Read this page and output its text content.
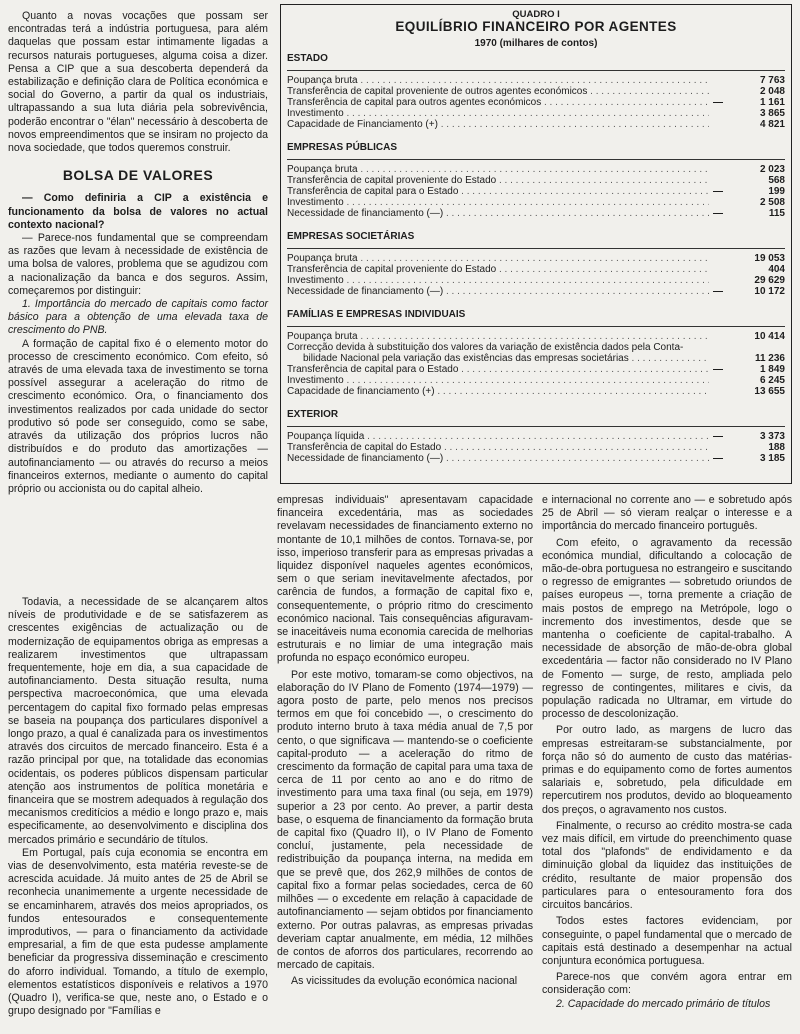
Quanto a novas vocações que possam ser encontradas terá a indústria portuguesa, para além daquelas que possam estar intimamente ligadas a recursos naturais portugueses, alguma coisa a dizer. Pensa a CIP que a sua descoberta dependerá da estabilização e definição clara de Política económica e social do Governo, a partir da qual os industriais, ultrapassando a sua luta diária pela sobrevivência, poderão encontrar o "élan" necessário à descoberta de novos empreendimentos que se insiram no projecto da nova sociedade, que todos queremos construir.

BOLSA DE VALORES

— Como definiria a CIP a existência e funcionamento da bolsa de valores no actual contexto nacional?

— Parece-nos fundamental que se compreendam as razões que levam à necessidade de existência de uma bolsa de valores, problema que se agudizou com a nacionalização da banca e dos seguros. Assim, começaremos por distinguir:

1. Importância do mercado de capitais como factor básico para a obtenção de uma elevada taxa de crescimento do PNB.

A formação de capital fixo é o elemento motor do processo de crescimento económico. Com efeito, só através de uma elevada taxa de investimento se torna possível assegurar a aceleração do ritmo de crescimento económico. Ora, o financiamento dos investimentos realizados por cada unidade do sector produtivo só pode ser conseguido, como se sabe, através da utilização dos próprios lucros não distribuídos e do produto das amortizações — autofinanciamento — ou através do recurso a meios financeiros externos, mediante o aumento do capital próprio ou accionista ou do capital alheio.

Todavia, a necessidade de se alcançarem altos níveis de produtividade e de se satisfazerem as crescentes exigências de actualização ou de modernização de equipamentos obriga as empresas a realizarem investimentos que ultrapassam frequentemente, hoje em dia, a sua capacidade de autofinanciamento. Desta situação resulta, numa perspectiva macroeconómica, que uma elevada percentagem do capital fixo formado pelas empresas se baseia na poupança dos particulares disponível a longo prazo, a qual é canalizada para os investimentos através dos circuitos de mercado financeiro. Esta é a razão principal por que, na totalidade das economias ocidentais, os poderes públicos dispensam particular atenção aos instrumentos de política monetária e financeira que se mostrem adequados à regulação dos mecanismos creditícios a médio e longo prazo e, mais especificamente, ao desenvolvimento e disciplina dos mercados primário e secundário de títulos.

Em Portugal, país cuja economia se encontra em vias de desenvolvimento, esta matéria reveste-se de acrescida acuidade. Já muito antes de 25 de Abril se reconhecia unanimemente a urgente necessidade de se encaminharem, através dos meios apropriados, os fundos entesourados e consequentemente improdutivos, — para o financiamento da actividade empresarial, a fim de que esta pudesse amplamente beneficiar da progressiva disseminação e crescimento do aforro individual. Tomando, a título de exemplo, elementos estatísticos disponíveis e relativos a 1970 (Quadro I), verifica-se que, neste ano, o Estado e o grupo designado por "Famílias e

QUADRO I
EQUILÍBRIO FINANCEIRO POR AGENTES
1970 (milhares de contos)
ESTADO
Poupança bruta . . .	7 763
Transferência de capital proveniente de outros agentes económicos . . .	2 048
Transferência de capital para outros agentes económicos . . .	—	1 161
Investimento . . .	3 865
Capacidade de Financiamento (+) . . .	4 821
EMPRESAS PÚBLICAS
Poupança bruta . . .	2 023
Transferência de capital proveniente do Estado . . .	568
Transferência de capital para o Estado . . .	—	199
Investimento . . .	2 508
Necessidade de financiamento (—) . . .	—	115
EMPRESAS SOCIETÁRIAS
Poupança bruta . . .	19 053
Transferência de capital proveniente do Estado . . .	404
Investimento . . .	29 629
Necessidade de financiamento (—) . . .	—	10 172
FAMÍLIAS E EMPRESAS INDIVIDUAIS
Poupança bruta . . .	10 414
Correcção devida à substituição dos valores da variação de existência dados pela Conta-
bilidade Nacional pela variação das existências das empresas societárias . . .	11 236
Transferência de capital para o Estado . . .	—	1 849
Investimento . . .	6 245
Capacidade de financiamento (+) . . .	13 655
EXTERIOR
Poupança líquida . . .	—	3 373
Transferência de capital do Estado . . .	188
Necessidade de financiamento (—) . . .	—	3 185

empresas individuais" apresentavam capacidade financeira excedentária, mas as sociedades revelavam necessidades de financiamento externo no montante de 10,1 milhões de contos. Tornava-se, por isso, imperioso transferir para as empresas privadas a liquidez disponível naqueles agentes económicos, sem o que seriam inevitavelmente afectados, por carência de fundos, a formação de capital fixo e, consequentemente, o próprio ritmo do crescimento económico nacional. Tais consequências afiguravam-se inaceitáveis numa economia carecida de melhorias estruturais e no limiar de uma integração mais profunda no espaço económico europeu.

Por este motivo, tomaram-se como objectivos, na elaboração do IV Plano de Fomento (1974—1979) — agora posto de parte, pelo menos nos precisos termos em que foi concebido —, o crescimento do produto interno bruto à taxa média anual de 7,5 por cento, o que significava — mantendo-se o coeficiente capital-produto — a aceleração do ritmo de crescimento da formação de capital para uma taxa de cerca de 11 por cento ao ano e do ritmo de investimento para uma taxa final (ou seja, em 1979) superior a 23 por cento. Ao prever, a partir desta base, o esquema de financiamento da formação bruta de capital fixo (Quadro II), o IV Plano de Fomento concluí, justamente, pela necessidade de redistribuição da poupança interna, na medida em que se prevê que, dos 262,9 milhões de contos de capital fixo a formar pelas sociedades, cerca de 60 milhões — o excedente em relação à capacidade de autofinanciamento — sejam obtidos por financiamento externo. Por outras palavras, as empresas privadas deveriam captar anualmente, em média, 12 milhões de contos de aforros dos particulares, recorrendo ao mercado de capitais.

As vicissitudes da evolução económica nacional

e internacional no corrente ano — e sobretudo após 25 de Abril — só vieram realçar o interesse e a importância do mercado financeiro português.

Com efeito, o agravamento da recessão económica mundial, dificultando a colocação de mão-de-obra portuguesa no estrangeiro e suscitando o regresso de emigrantes — sobretudo oriundos de países europeus —, torna premente a criação de mais postos de emprego na Metrópole, logo o incremento dos investimentos, desde que se mantenha o coeficiente de capital-trabalho. A necessidade de absorção de mão-de-obra global excedentária — factor não considerado no IV Plano de Fomento — surge, de resto, ampliada pelo regresso de contingentes, militares e civis, da população radicada no Ultramar, em virtude do processo de descolonização.

Por outro lado, as margens de lucro das empresas estreitaram-se substancialmente, por força não só do aumento de custo das matérias-primas e do equipamento como de fortes aumentos salariais e, sobretudo, pela dificuldade em repercutirem nos produtos, devido ao bloqueamento dos preços, o agravamento nos custos.

Finalmente, o recurso ao crédito mostra-se cada vez mais difícil, em virtude do preenchimento quase total dos "plafonds" de endividamento e da diminuição global da liquidez das instituições de crédito, resultante de maior propensão dos particulares para o entesouramento fora dos circuitos bancários.

Todos estes factores evidenciam, por conseguinte, o papel fundamental que o mercado de capitais está destinado a desempenhar na actual conjuntura económica portuguesa.

Parece-nos que convém agora entrar em consideração com:

2. Capacidade do mercado primário de títulos
